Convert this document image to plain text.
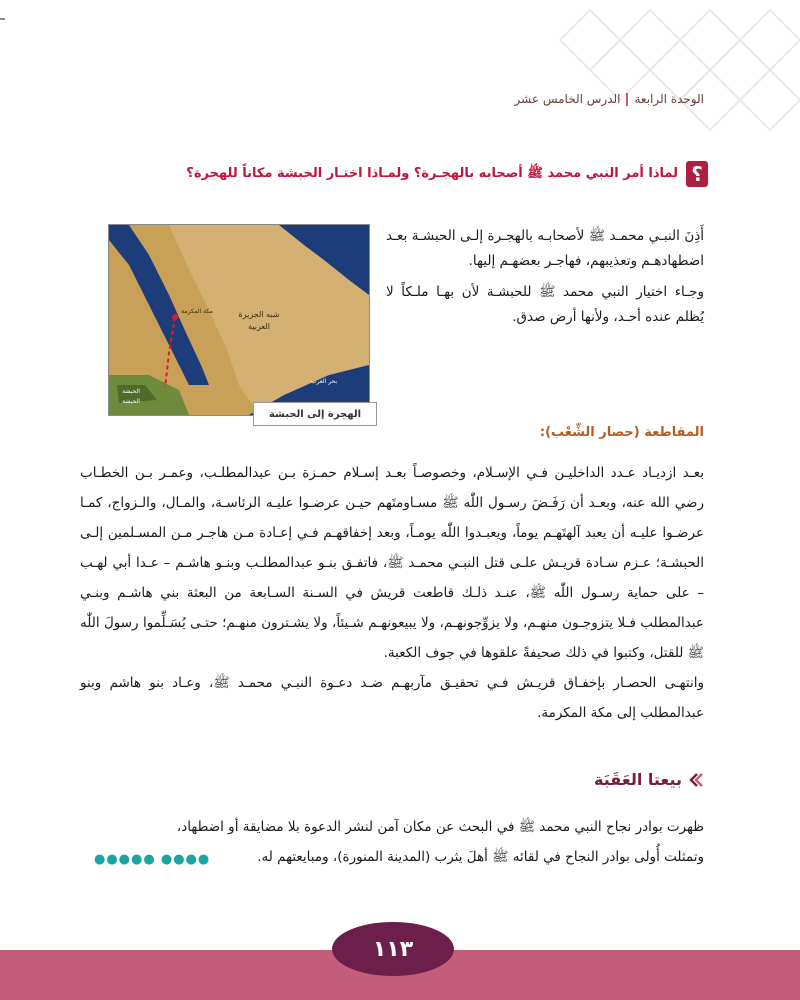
الوحدة الرابعةالدرس الخامس عشر
؟
لماذا أمر النبي محمد ﷺ أصحابه بالهجـرة؟ ولمـاذا اختـار الحبشة مكاناً للهجرة؟
شبه الجزيرة
العربية
مكة المكرمة
بحر العرب
الحبشة
الحبشة
الهجرة إلى الحبشة

أَذِنَ النبـي محمـد ﷺ لأصحابـه بالهجـرة إلـى الحبشـة بعـد اضطهادهـم وتعذيبهم، فهاجـر بعضهـم إليها.

وجـاء اختيار النبي محمد ﷺ للحبشـة لأن بهـا ملـكاً لا يُظلم عنده أحـد، ولأنها أرض صدق.

المقاطعة (حصار الشِّعْب):

بعـد ازديـاد عـدد الداخليـن فـي الإسـلام، وخصوصـاً بعـد إسـلام حمـزة بـن عبدالمطلـب، وعمـر بـن الخطـاب رضي الله عنه، وبعـد أن رَفَـضَ رسـول اللّٰه ﷺ مسـاومتَهم حيـن عرضـوا عليـه الرئاسـة، والمـال، والـزواج، كمـا عرضـوا عليـه أن يعبد آلهتَهـم يوماً، ويعبـدوا اللّٰه يومـاً، وبعد إخفاقهـم فـي إعـادة مـن هاجـر مـن المسـلمين إلـى الحبشـة؛ عـزم سـادة قريـش علـى قتل النبـي محمـد ﷺ، فاتفـق بنـو عبدالمطلـب وبنـو هاشـم – عـدا أبي لهـب – على حماية رسـول اللّٰه ﷺ، عنـد ذلـك قاطعت قريش في السـنة السـابعة من البعثة بني هاشـم وبنـي عبدالمطلب فـلا يتزوجـون منهـم، ولا يزوِّجونهـم، ولا يبيعونهـم شـيئاً، ولا يشـترون منهـم؛ حتـى يُسَـلِّموا رسولَ اللّٰه ﷺ للقتل، وكتبوا في ذلك صحيفةً علقوها في جوف الكعبة.

وانتهـى الحصـار بإخفـاق قريـش فـي تحقيـق مآربهـم ضـد دعـوة النبـي محمـد ﷺ، وعـاد بنو هاشم وبنو عبدالمطلب إلى مكة المكرمة.

بيعتا العَقَبَة

ظهرت بوادر نجاح النبي محمد ﷺ في البحث عن مكان آمن لنشر الدعوة بلا مضايقة أو اضطهاد،

وتمثلت أُولى بوادر النجاح في لقائه ﷺ أهلَ يثرب (المدينة المنورة)، ومبايعتهم له.

●●●●● ●●●●
١١٣
